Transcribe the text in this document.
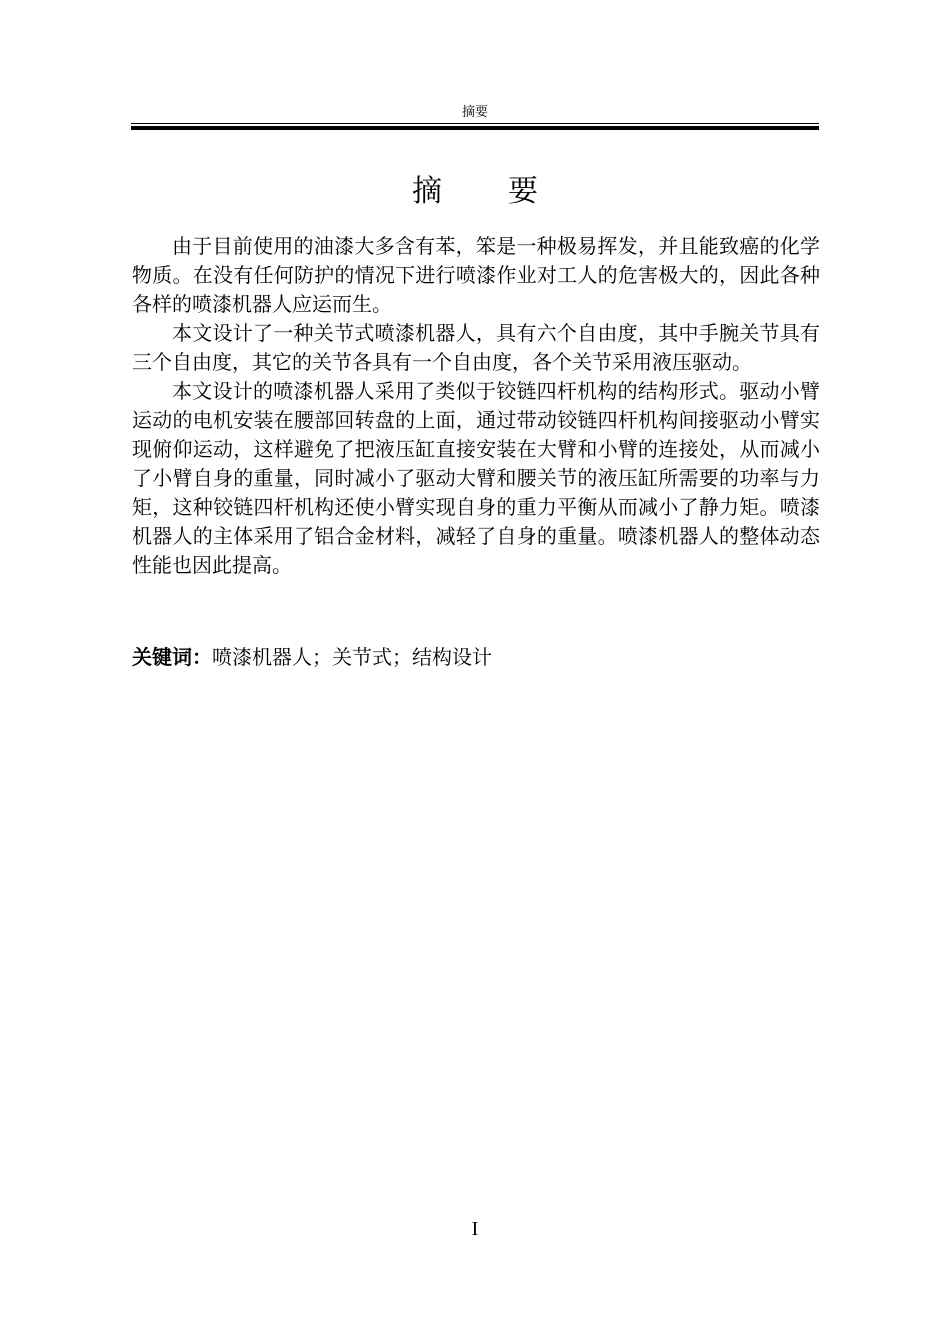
摘要
摘 要

由于目前使用的油漆大多含有苯，笨是一种极易挥发，并且能致癌的化学物质。在没有任何防护的情况下进行喷漆作业对工人的危害极大的，因此各种各样的喷漆机器人应运而生。

本文设计了一种关节式喷漆机器人，具有六个自由度，其中手腕关节具有三个自由度，其它的关节各具有一个自由度，各个关节采用液压驱动。

本文设计的喷漆机器人采用了类似于铰链四杆机构的结构形式。驱动小臂运动的电机安装在腰部回转盘的上面，通过带动铰链四杆机构间接驱动小臂实现俯仰运动，这样避免了把液压缸直接安装在大臂和小臂的连接处，从而减小了小臂自身的重量，同时减小了驱动大臂和腰关节的液压缸所需要的功率与力矩，这种铰链四杆机构还使小臂实现自身的重力平衡从而减小了静力矩。喷漆机器人的主体采用了铝合金材料，减轻了自身的重量。喷漆机器人的整体动态性能也因此提高。

关键词：喷漆机器人；关节式；结构设计
I
